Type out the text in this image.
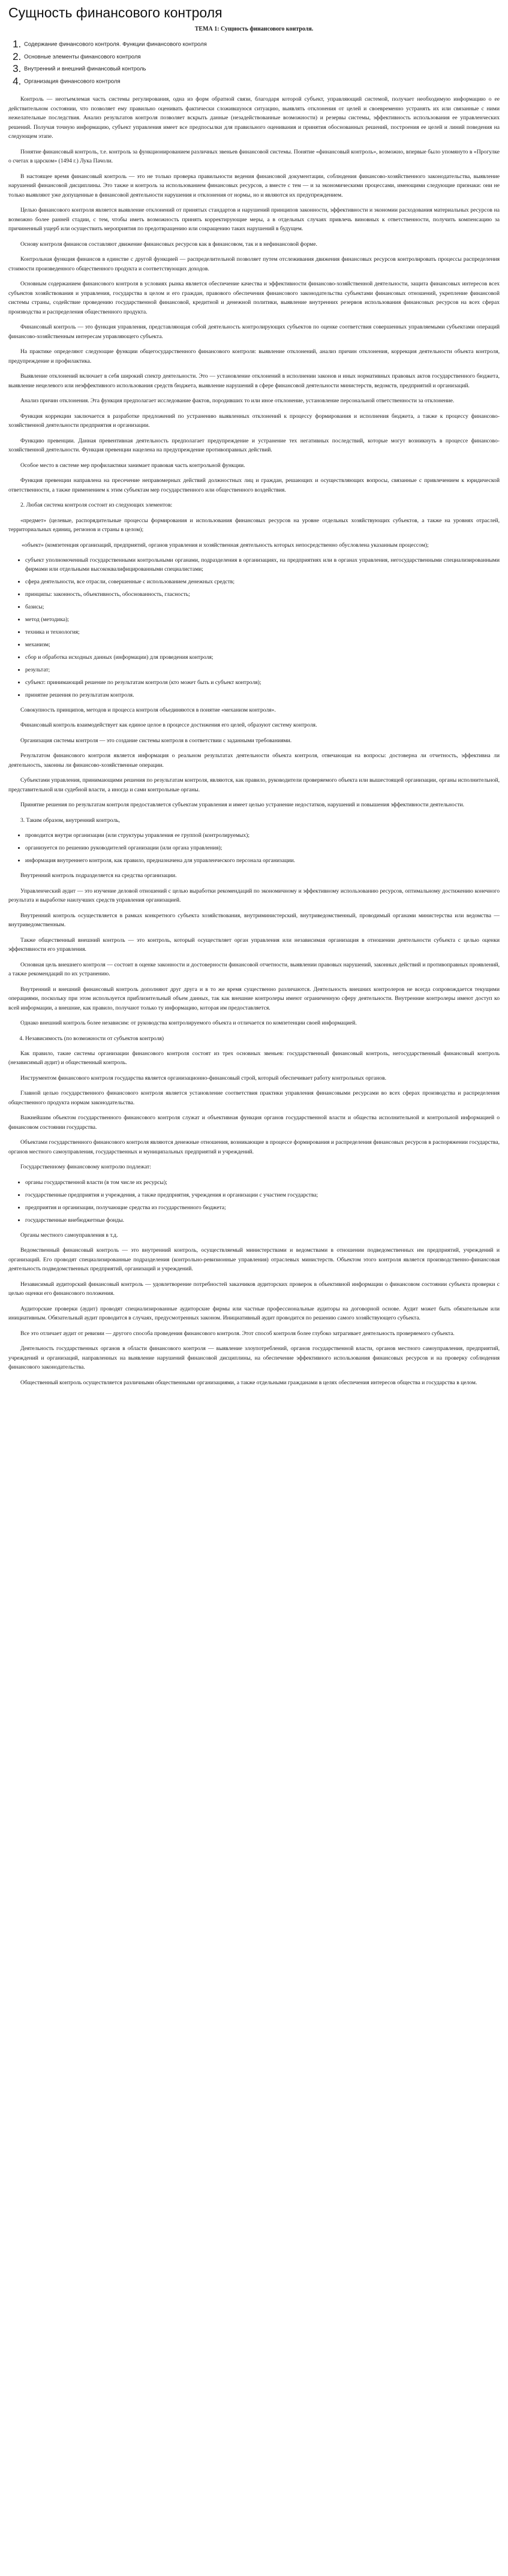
Сущность финансового контроля
ТЕМА 1: Сущность финансового контроля.
1. Содержание финансового контроля. Функции финансового контроля
2. Основные элементы финансового контроля
3. Внутренний и внешний финансовый контроль
4. Организация финансового контроля

Контроль — неотъемлемая часть системы регулирования, одна из форм обратной связи, благодаря которой субъект, управляющий системой, получает необходимую информацию о ее действительном состоянии, что позволяет ему правильно оценивать фактически сложившуюся ситуацию, выявлять отклонения от целей и своевременно устранять их или связанные с ними нежелательные последствия. Анализ результатов контроля позволяет вскрыть данные (незадействованные возможности) и резервы системы, эффективность использования ее управленческих решений. Получая точную информацию, субъект управления имеет все предпосылки для правильного оценивания и принятия обоснованных решений, построения ее целей и линий поведения на следующем этапе.

Понятие финансовый контроль, т.е. контроль за функционированием различных звеньев финансовой системы. Понятие «финансовый контроль», возможно, впервые было упомянуто в «Прогулке о счетах в царском» (1494 г.) Лука Пачоли.

В настоящее время финансовый контроль — это не только проверка правильности ведения финансовой документации, соблюдения финансово-хозяйственного законодательства, выявление нарушений финансовой дисциплины. Это также и контроль за использованием финансовых ресурсов, а вместе с тем — и за экономическими процессами, имеющими следующие признаки: они не только выявляют уже допущенные в финансовой деятельности нарушения и отклонения от нормы, но и являются их предупреждением.

Целью финансового контроля является выявление отклонений от принятых стандартов и нарушений принципов законности, эффективности и экономии расходования материальных ресурсов на возможно более ранней стадии, с тем, чтобы иметь возможность принять корректирующие меры, а в отдельных случаях привлечь виновных к ответственности, получить компенсацию за причиненный ущерб или осуществить мероприятия по предотвращению или сокращению таких нарушений в будущем.

Основу контроля финансов составляют движение финансовых ресурсов как в финансовом, так и в нефинансовой форме.

Контрольная функция финансов в единстве с другой функцией — распределительной позволяет путем отслеживания движения финансовых ресурсов контролировать процессы распределения стоимости произведенного общественного продукта и соответствующих доходов.

Основным содержанием финансового контроля в условиях рынка является обеспечение качества и эффективности финансово-хозяйственной деятельности, защита финансовых интересов всех субъектов хозяйствования и управления, государства в целом и его граждан, правового обеспечения финансового законодательства субъектами финансовых отношений, укрепление финансовой системы страны, содействие проведению государственной финансовой, кредитной и денежной политики, выявление внутренних резервов использования финансовых ресурсов на всех сферах производства и распределения общественного продукта.

Финансовый контроль — это функция управления, представляющая собой деятельность контролирующих субъектов по оценке соответствия совершенных управляемыми субъектами операций финансово-хозяйственным интересам управляющего субъекта.

На практике определяют следующие функции общегосударственного финансового контроля: выявление отклонений, анализ причин отклонения, коррекция деятельности объекта контроля, предупреждение и профилактика.

Выявление отклонений включает в себя широкий спектр деятельности. Это — установление отклонений в исполнении законов и иных нормативных правовых актов государственного бюджета, выявление нецелевого или неэффективного использования средств бюджета, выявление нарушений в сфере финансовой деятельности министерств, ведомств, предприятий и организаций.

Анализ причин отклонения. Эта функция предполагает исследование фактов, породивших то или иное отклонение, установление персональной ответственности за отклонение.

Функция коррекции заключается в разработке предложений по устранению выявленных отклонений к процессу формирования и исполнения бюджета, а также к процессу финансово-хозяйственной деятельности предприятия и организации.

Функцию превенции. Данная превентивная деятельность предполагает предупреждение и устранение тех негативных последствий, которые могут возникнуть в процессе финансово-хозяйственной деятельности. Функция превенции нацелена на предупреждение противоправных действий.

Особое место в системе мер профилактики занимает правовая часть контрольной функции.

Функция превенции направлена на пресечение неправомерных действий должностных лиц и граждан, решающих и осуществляющих вопросы, связанные с привлечением к юридической ответственности, а также применением к этим субъектам мер государственного или общественного воздействия.

2. Любая система контроля состоит из следующих элементов:

«предмет» (целевые, распорядительные процессы формирования и использования финансовых ресурсов на уровне отдельных хозяйствующих субъектов, а также на уровнях отраслей, территориальных единиц, регионов и страны в целом);

«объект» (компетенция организаций, предприятий, органов управления и хозяйственная деятельность которых непосредственно обусловлена указанным процессом);
• субъект уполномоченный государственными контрольными органами, подразделения в организациях, на предприятиях или в органах управления, негосударственными специализированными фирмами или отдельными высококвалифицированными специалистами;
• сфера деятельности, все отрасли, совершенные с использованием денежных средств;
• принципы: законность, объективность, обоснованность, гласность;
• базисы;
• метод (методика);
• техника и технология;
• механизм;
• сбор и обработка исходных данных (информации) для проведения контроля;
• результат;
• субъект: принимающий решение по результатам контроля (кто может быть и субъект контроля);
• принятие решения по результатам контроля.

Совокупность принципов, методов и процесса контроля объединяются в понятие «механизм контроля».

Финансовый контроль взаимодействует как единое целое в процессе достижения его целей, образуют систему контроля.

Организация системы контроля — это создание системы контроля в соответствии с заданными требованиями.

Результатом финансового контроля является информация о реальном результатах деятельности объекта контроля, отвечающая на вопросы: достоверна ли отчетность, эффективна ли деятельность, законны ли финансово-хозяйственные операции.

Субъектами управления, принимающими решения по результатам контроля, являются, как правило, руководители проверяемого объекта или вышестоящей организации, органы исполнительной, представительной или судебной власти, а иногда и сами контрольные органы.

Принятие решения по результатам контроля предоставляется субъектам управления и имеет целью устранение недостатков, нарушений и повышения эффективности деятельности.

3. Таким образом, внутренний контроль,

• проводится внутри организации (или структуры управления ее группой (контролируемых);
• организуется по решению руководителей организации (или органа управления);
• информация внутреннего контроля, как правило, предназначена для управленческого персонала организации.

Внутренний контроль подразделяется на средства организации.

Управленческий аудит — это изучение деловой отношений с целью выработки рекомендаций по экономичному и эффективному использованию ресурсов, оптимальному достижению конечного результата и выработке наилучших средств управления организацией.

Внутренний контроль осуществляется в рамках конкретного субъекта хозяйствования, внутриминистерский, внутриведомственный, проводимый органами министерства или ведомства — внутриведомственным.

Также общественный внешний контроль — это контроль, который осуществляет орган управления или независимая организация в отношении деятельности субъекта с целью оценки эффективности его управления.

Основная цель внешнего контроля — состоит в оценке законности и достоверности финансовой отчетности, выявлении правовых нарушений, законных действий и противоправных проявлений, а также рекомендаций по их устранению.

Внутренний и внешний финансовый контроль дополняют друг друга и в то же время существенно различаются. Деятельность внешних контролеров не всегда сопровождается текущими операциями, поскольку при этом используется приблизительный объем данных, так как внешние контролеры имеют ограниченную сферу деятельности. Внутренние контролеры имеют доступ ко всей информации, а внешние, как правило, получают только ту информацию, которая им предоставляется.

Однако внешний контроль более независим: от руководства контролируемого объекта и отличается по компетенции своей информацией.

4. Независимость (по возможности от субъектов контроля)

Как правило, такие системы организации финансового контроля состоят из трех основных звеньев: государственный финансовый контроль, негосударственный финансовый контроль (независимый аудит) и общественный контроль.

Инструментом финансового контроля государства является организационно-финансовый строй, который обеспечивает работу контрольных органов.

Главной целью государственного финансового контроля является установление соответствия практики управления финансовыми ресурсами во всех сферах производства и распределения общественного продукта нормам законодательства.

Важнейшим объектом государственного финансового контроля служат и объективная функция органов государственной власти и общества исполнительной и контрольной информацией о финансовом состоянии государства.

Объектами государственного финансового контроля являются денежные отношения, возникающие в процессе формирования и распределения финансовых ресурсов в распоряжении государства, органов местного самоуправления, государственных и муниципальных предприятий и учреждений.

Государственному финансовому контролю подлежат:

• органы государственной власти (в том числе их ресурсы);
• государственные предприятия и учреждения, а также предприятия, учреждения и организации с участием государства;
• предприятия и организации, получающие средства из государственного бюджета;
• государственные внебюджетные фонды.

Органы местного самоуправления в т.д.

Ведомственный финансовый контроль — это внутренний контроль, осуществляемый министерствами и ведомствами в отношении подведомственных им предприятий, учреждений и организаций. Его проводят специализированные подразделения (контрольно-ревизионные управления) отраслевых министерств. Объектом этого контроля является производственно-финансовая деятельность подведомственных предприятий, организаций и учреждений.

Независимый аудиторский финансовый контроль — удовлетворение потребностей заказчиков аудиторских проверок в объективной информации о финансовом состоянии субъекта проверки с целью оценки его финансового положения.

Аудиторские проверки (аудит) проводят специализированные аудиторские фирмы или частные профессиональные аудиторы на договорной основе. Аудит может быть обязательным или инициативным. Обязательный аудит проводится в случаях, предусмотренных законом. Инициативный аудит проводится по решению самого хозяйствующего субъекта.

Все это отличает аудит от ревизии — другого способа проведения финансового контроля. Этот способ контроля более глубоко затрагивает деятельность проверяемого субъекта.

Деятельность государственных органов в области финансового контроля — выявление злоупотреблений, органов государственной власти, органов местного самоуправления, предприятий, учреждений и организаций, направленных на выявление нарушений финансовой дисциплины, на обеспечение эффективного использования финансовых ресурсов и на проверку соблюдения финансового законодательства.

Общественный контроль осуществляется различными общественными организациями, а также отдельными гражданами в целях обеспечения интересов общества и государства в целом.
